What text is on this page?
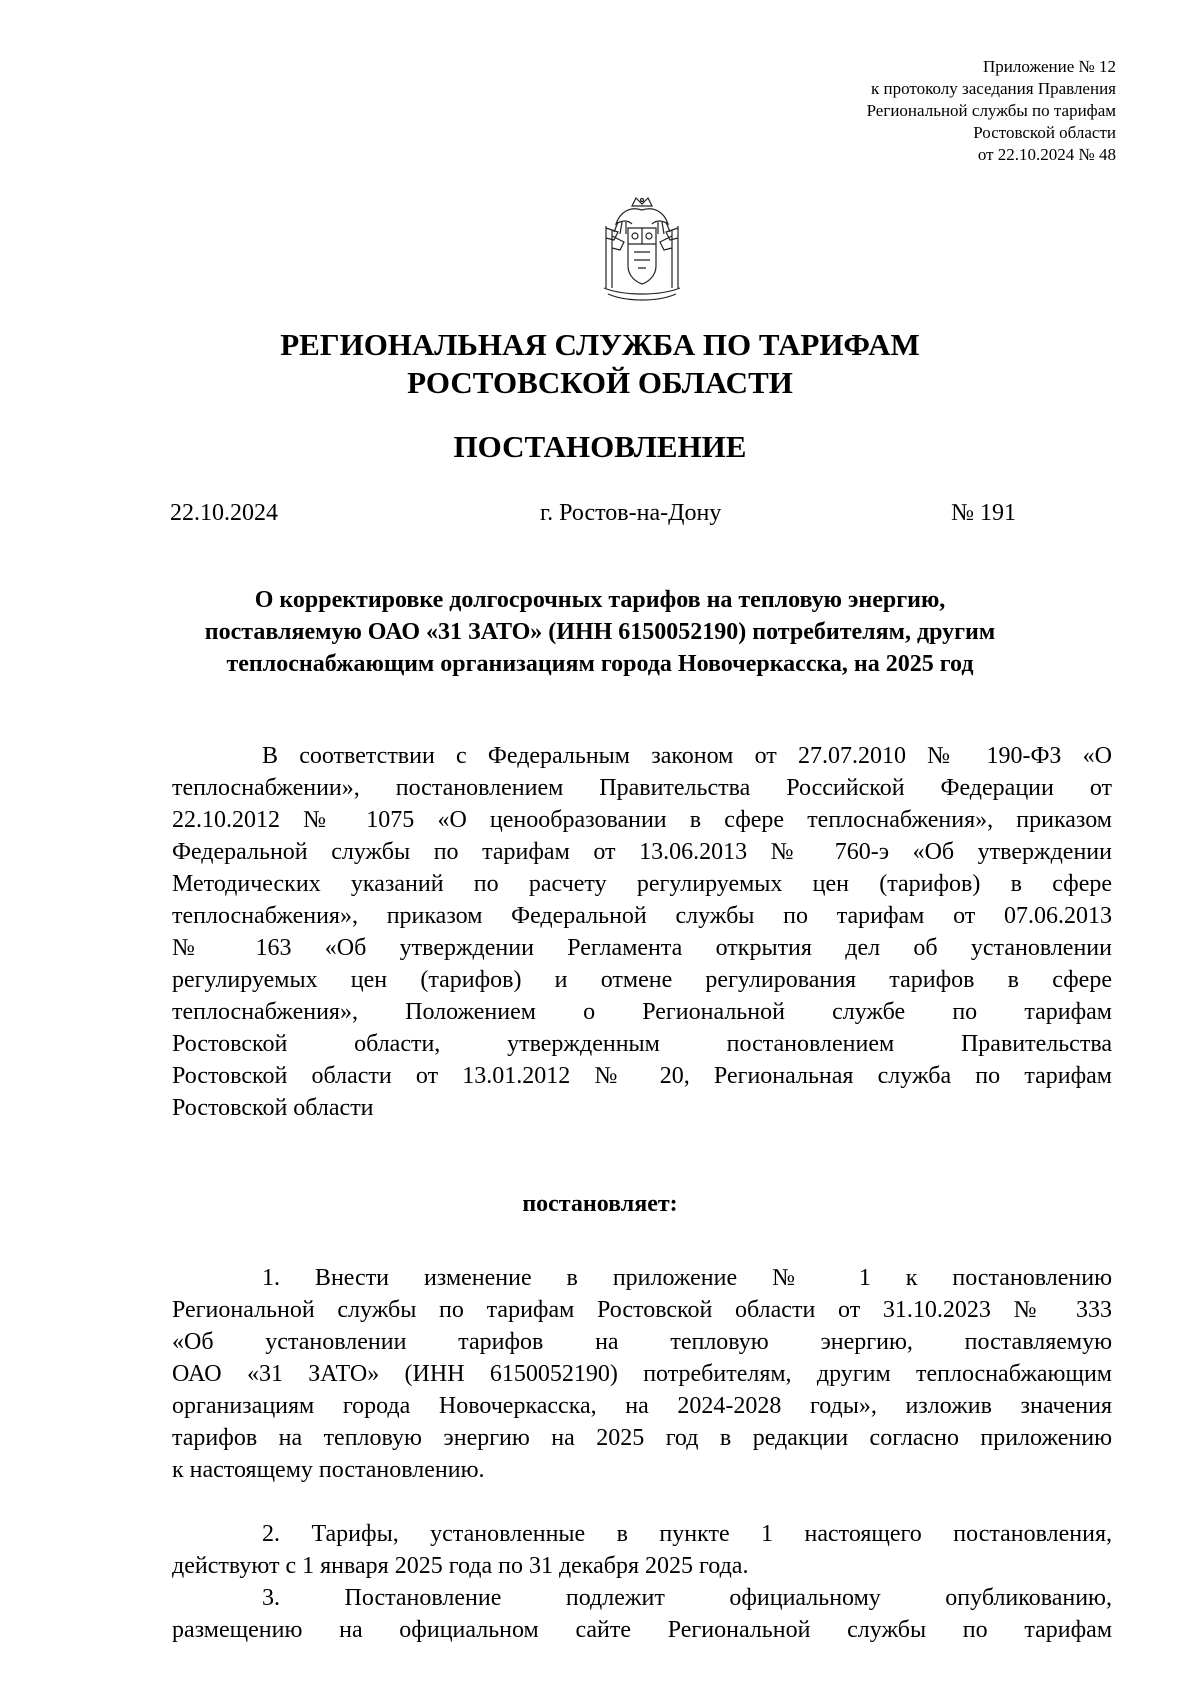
Приложение № 12
к протоколу заседания Правления
Региональной службы по тарифам
Ростовской области
от 22.10.2024 № 48
РЕГИОНАЛЬНАЯ СЛУЖБА ПО ТАРИФАМ
РОСТОВСКОЙ ОБЛАСТИ
ПОСТАНОВЛЕНИЕ
22.10.2024	г. Ростов-на-Дону	№ 191
О корректировке долгосрочных тарифов на тепловую энергию,
поставляемую ОАО «31 ЗАТО» (ИНН 6150052190) потребителям, другим
теплоснабжающим организациям города Новочеркасска, на 2025 год
В соответствии с Федеральным законом от 27.07.2010 № 190-ФЗ «О
теплоснабжении», постановлением Правительства Российской Федерации от
22.10.2012 № 1075 «О ценообразовании в сфере теплоснабжения», приказом
Федеральной службы по тарифам от 13.06.2013 № 760-э «Об утверждении
Методических указаний по расчету регулируемых цен (тарифов) в сфере
теплоснабжения», приказом Федеральной службы по тарифам от 07.06.2013
№ 163 «Об утверждении Регламента открытия дел об установлении
регулируемых цен (тарифов) и отмене регулирования тарифов в сфере
теплоснабжения», Положением о Региональной службе по тарифам
Ростовской области, утвержденным постановлением Правительства
Ростовской области от 13.01.2012 № 20, Региональная служба по тарифам
Ростовской области
постановляет:
1. Внести изменение в приложение № 1 к постановлению
Региональной службы по тарифам Ростовской области от 31.10.2023 № 333
«Об установлении тарифов на тепловую энергию, поставляемую
ОАО «31 ЗАТО» (ИНН 6150052190) потребителям, другим теплоснабжающим
организациям города Новочеркасска, на 2024-2028 годы», изложив значения
тарифов на тепловую энергию на 2025 год в редакции согласно приложению
к настоящему постановлению.
2. Тарифы, установленные в пункте 1 настоящего постановления,
действуют с 1 января 2025 года по 31 декабря 2025 года.
3. Постановление подлежит официальному опубликованию,
размещению на официальном сайте Региональной службы по тарифам
